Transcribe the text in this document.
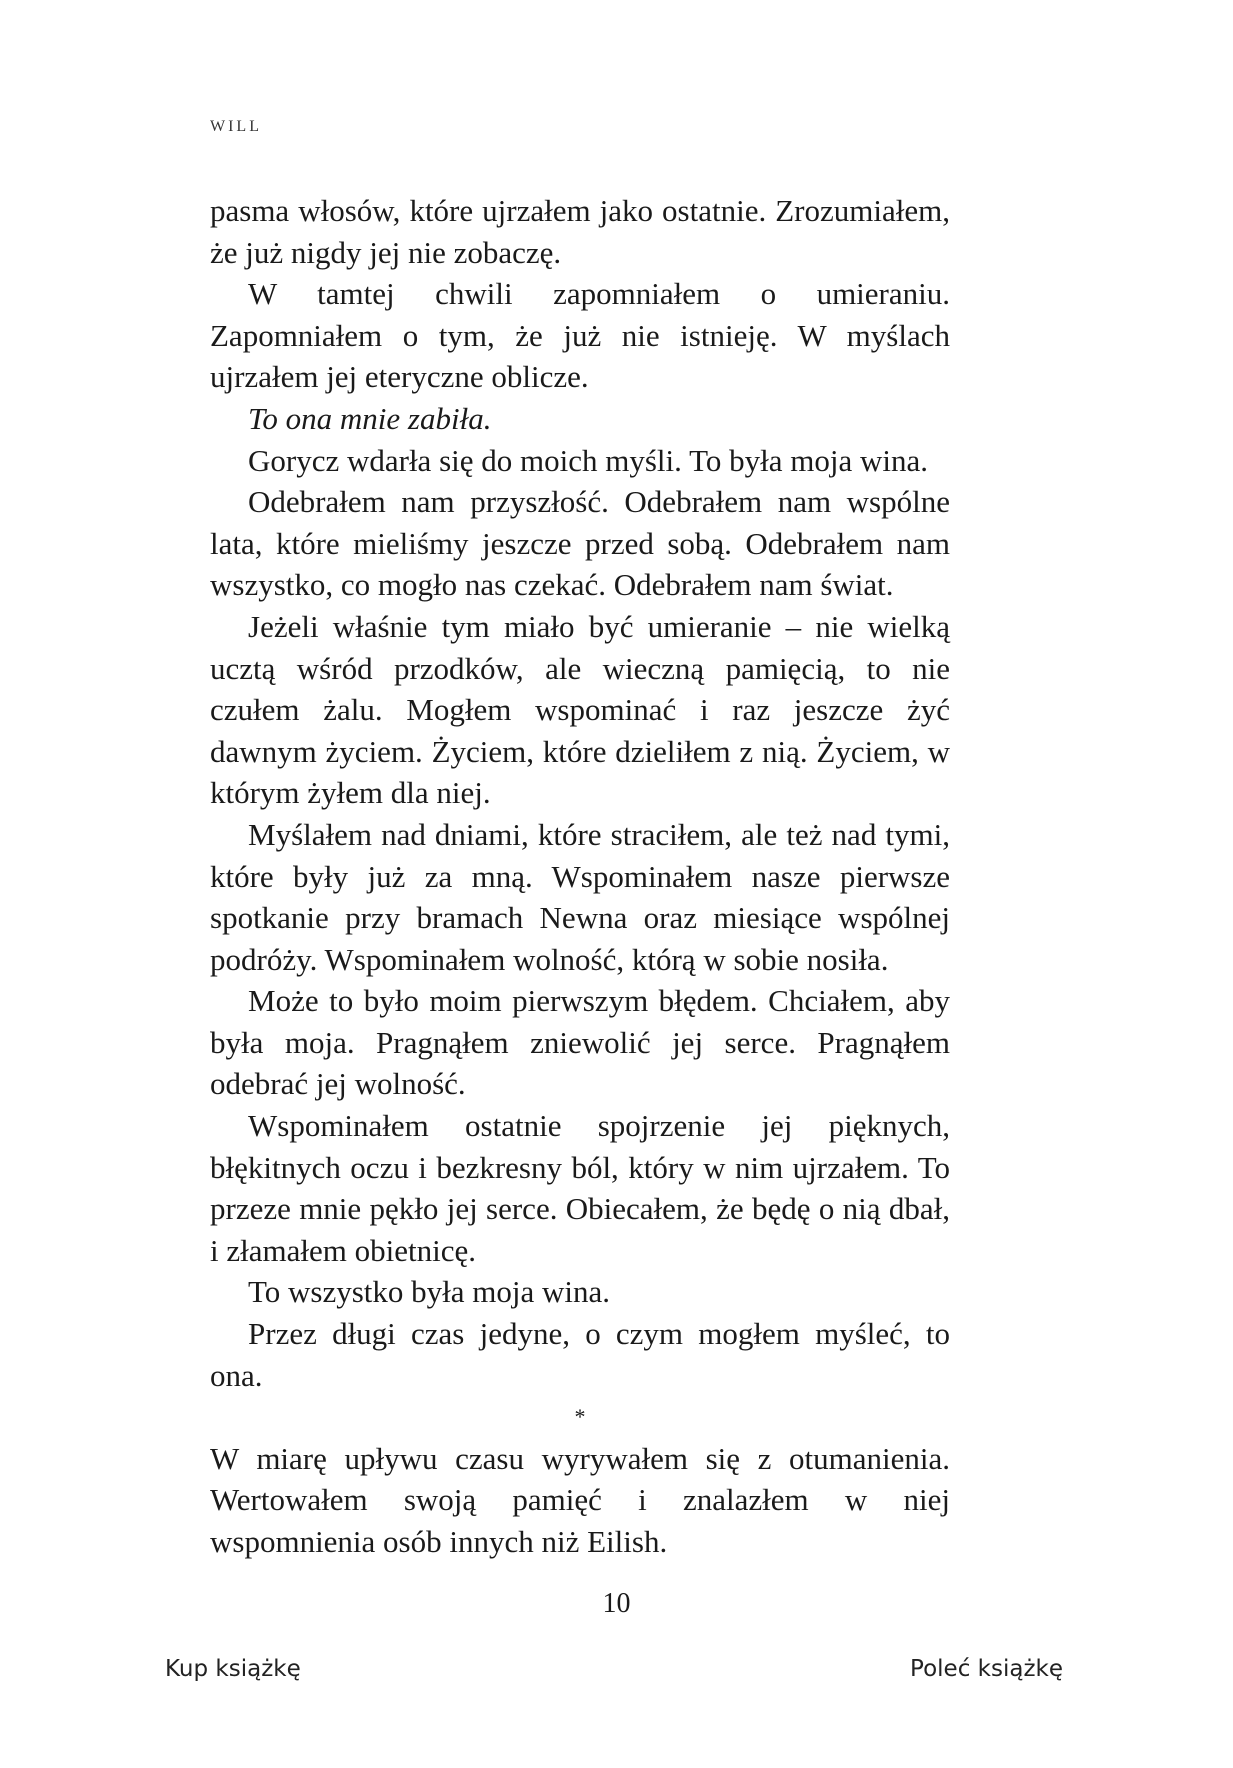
WILL

pasma włosów, które ujrzałem jako ostatnie. Zrozumiałem, że już nigdy jej nie zobaczę.

W tamtej chwili zapomniałem o umieraniu. Zapomniałem o tym, że już nie istnieję. W myślach ujrzałem jej eteryczne oblicze.

To ona mnie zabiła.

Gorycz wdarła się do moich myśli. To była moja wina.

Odebrałem nam przyszłość. Odebrałem nam wspólne lata, które mieliśmy jeszcze przed sobą. Odebrałem nam wszystko, co mogło nas czekać. Odebrałem nam świat.

Jeżeli właśnie tym miało być umieranie – nie wielką ucztą wśród przodków, ale wieczną pamięcią, to nie czułem żalu. Mogłem wspominać i raz jeszcze żyć dawnym życiem. Życiem, które dzieliłem z nią. Życiem, w którym żyłem dla niej.

Myślałem nad dniami, które straciłem, ale też nad tymi, które były już za mną. Wspominałem nasze pierwsze spotkanie przy bramach Newna oraz miesiące wspólnej podróży. Wspominałem wolność, którą w sobie nosiła.

Może to było moim pierwszym błędem. Chciałem, aby była moja. Pragnąłem zniewolić jej serce. Pragnąłem odebrać jej wolność.

Wspominałem ostatnie spojrzenie jej pięknych, błękitnych oczu i bezkresny ból, który w nim ujrzałem. To przeze mnie pękło jej serce. Obiecałem, że będę o nią dbał, i złamałem obietnicę.

To wszystko była moja wina.

Przez długi czas jedyne, o czym mogłem myśleć, to ona.

*

W miarę upływu czasu wyrywałem się z otumanienia. Wertowałem swoją pamięć i znalazłem w niej wspomnienia osób innych niż Eilish.

10
Kup książkę	Poleć książkę
